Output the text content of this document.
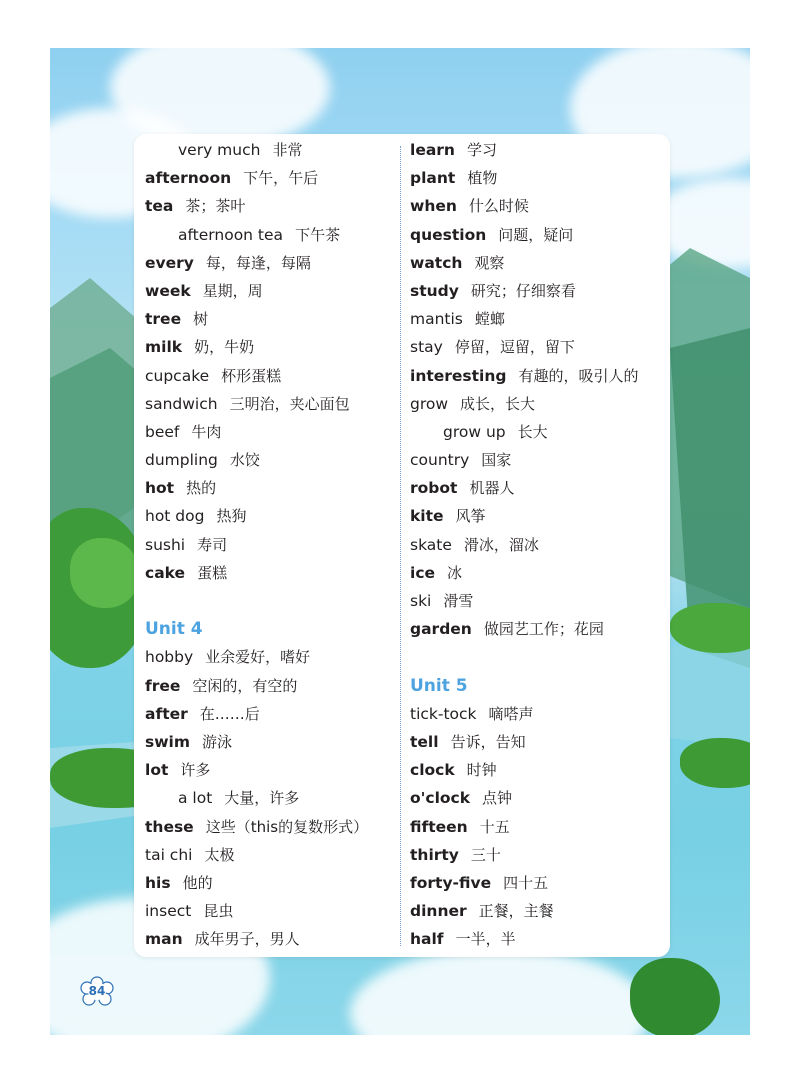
very much 非常
afternoon 下午，午后
tea 茶；茶叶
afternoon tea 下午茶
every 每，每逢，每隔
week 星期，周
tree 树
milk 奶，牛奶
cupcake 杯形蛋糕
sandwich 三明治，夹心面包
beef 牛肉
dumpling 水饺
hot 热的
hot dog 热狗
sushi 寿司
cake 蛋糕
Unit 4
hobby 业余爱好，嗜好
free 空闲的，有空的
after 在……后
swim 游泳
lot 许多
a lot 大量，许多
these 这些（this的复数形式）
tai chi 太极
his 他的
insect 昆虫
man 成年男子，男人
learn 学习
plant 植物
when 什么时候
question 问题，疑问
watch 观察
study 研究；仔细察看
mantis 螳螂
stay 停留，逗留，留下
interesting 有趣的，吸引人的
grow 成长，长大
grow up 长大
country 国家
robot 机器人
kite 风筝
skate 滑冰，溜冰
ice 冰
ski 滑雪
garden 做园艺工作；花园
Unit 5
tick-tock 嘀嗒声
tell 告诉，告知
clock 时钟
o'clock 点钟
fifteen 十五
thirty 三十
forty-five 四十五
dinner 正餐，主餐
half 一半，半
84
